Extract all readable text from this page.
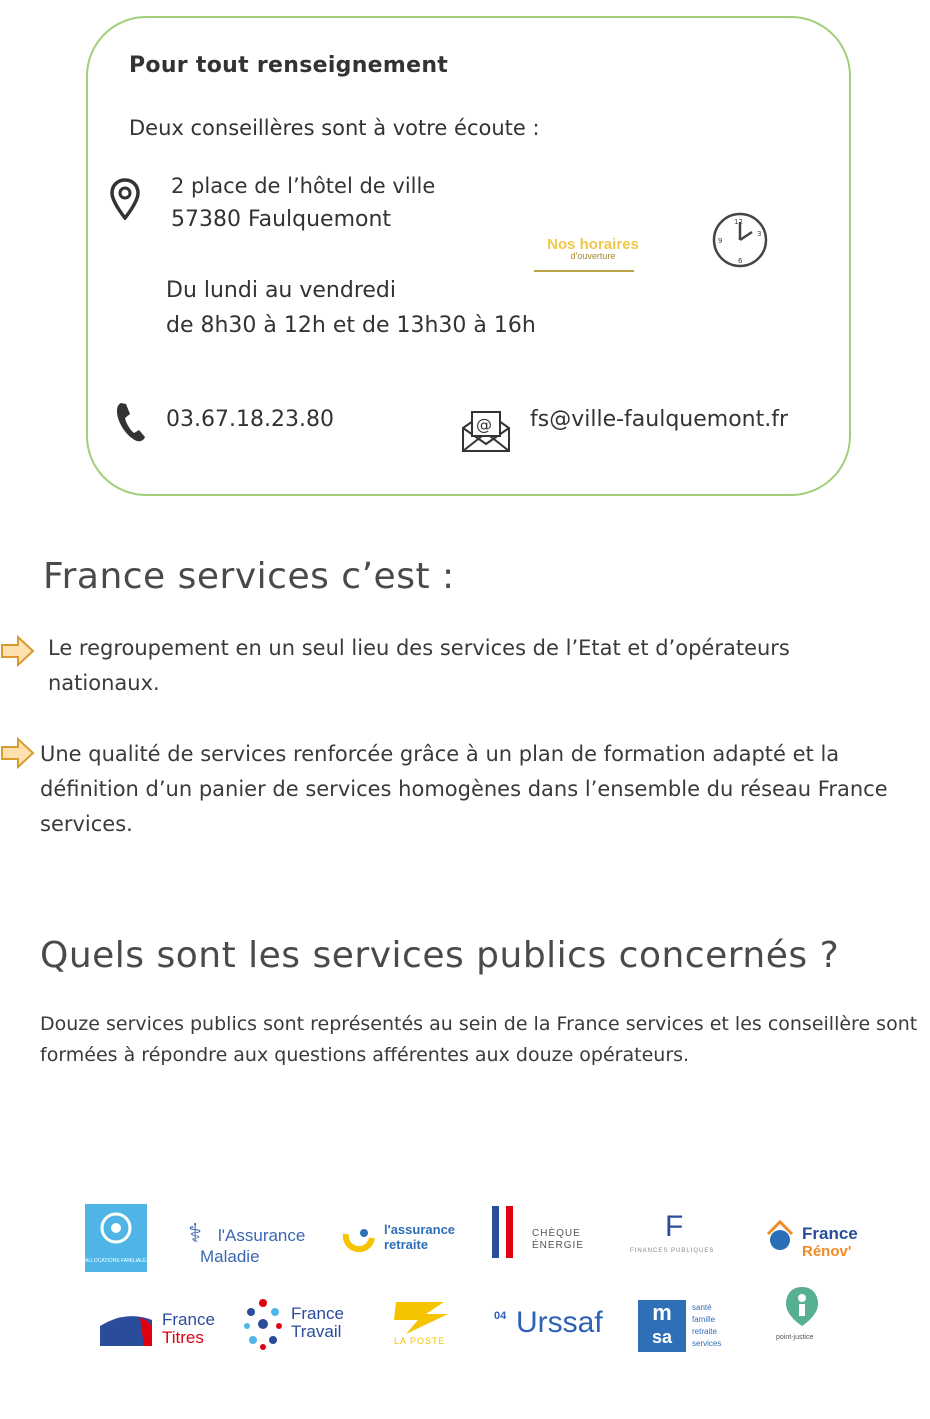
Pour tout renseignement
Deux conseillères sont à votre écoute :
2 place de l’hôtel de ville
57380 Faulquemont
Nos horaires
d'ouverture
12
3
6
9
Du lundi au vendredi
de 8h30 à 12h et de 13h30 à 16h
03.67.18.23.80	@ fs@ville-faulquemont.fr
France services c’est :
Le regroupement en un seul lieu des services de l’Etat et d’opérateurs nationaux.
Une qualité de services renforcée grâce à un plan de formation adapté et la définition d’un panier de services homogènes dans l’ensemble du réseau France services.
Quels sont les services publics concernés ?
Douze services publics sont représentés au sein de la France services et les conseillère sont formées à répondre aux questions afférentes aux douze opérateurs.
ALLOCATIONS FAMILIALES
⚕ l'Assurance
Maladie
l'assurance
retraite
CHÈQUE
ÉNERGIE
F
FINANCES PUBLIQUES
France
Rénov'
France
Titres
France
Travail	LA POSTE
04 Urssaf	m
sa
santé
famille
retraite
services
point-justice
